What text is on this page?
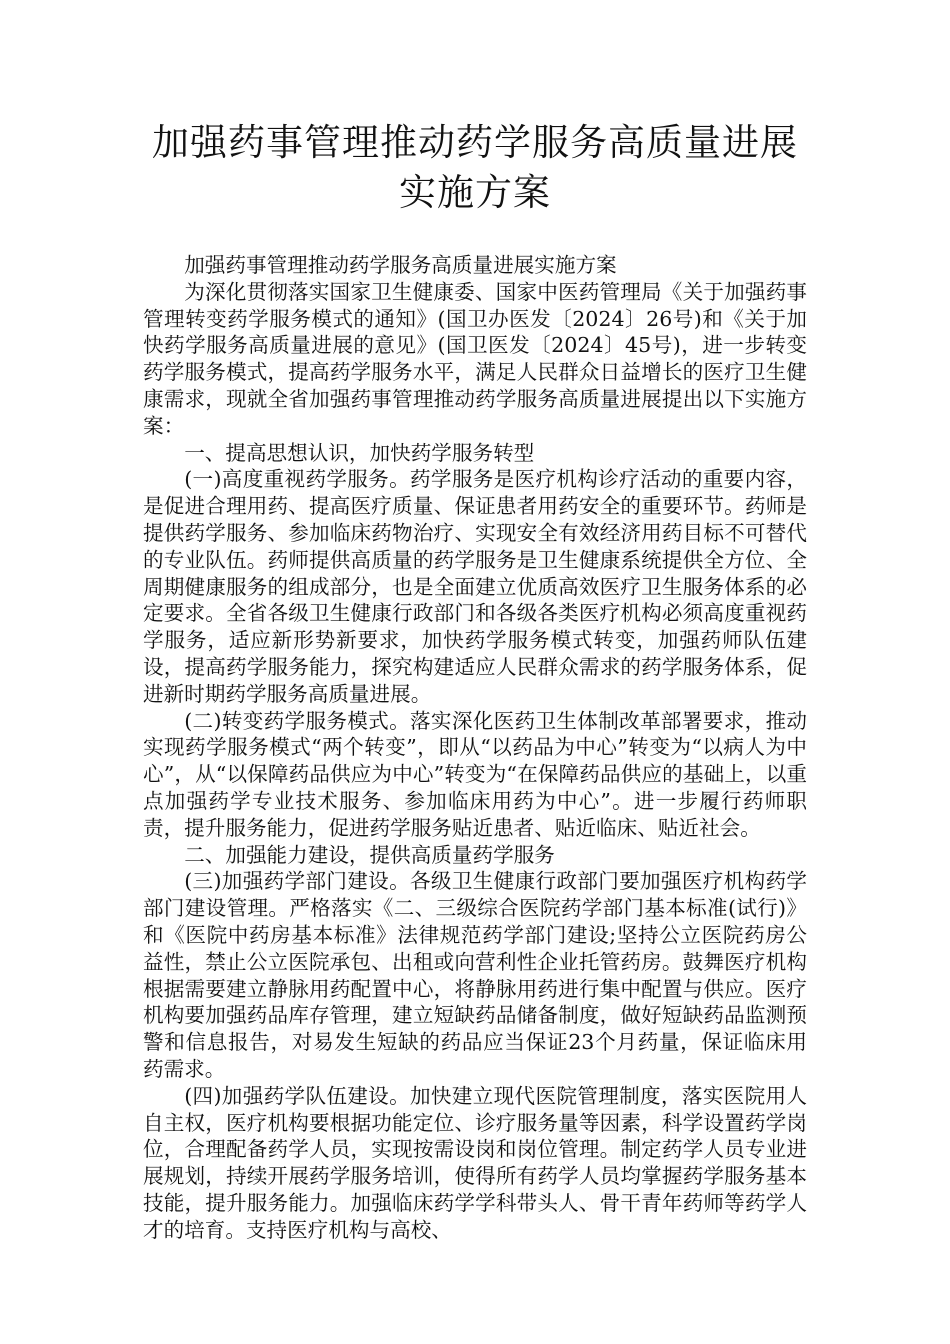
加强药事管理推动药学服务高质量进展实施方案

加强药事管理推动药学服务高质量进展实施方案

为深化贯彻落实国家卫生健康委、国家中医药管理局《关于加强药事管理转变药学服务模式的通知》(国卫办医发〔2024〕26号)和《关于加快药学服务高质量进展的意见》(国卫医发〔2024〕45号)，进一步转变药学服务模式，提高药学服务水平，满足人民群众日益增长的医疗卫生健康需求，现就全省加强药事管理推动药学服务高质量进展提出以下实施方案：

一、提高思想认识，加快药学服务转型

(一)高度重视药学服务。药学服务是医疗机构诊疗活动的重要内容，是促进合理用药、提高医疗质量、保证患者用药安全的重要环节。药师是提供药学服务、参加临床药物治疗、实现安全有效经济用药目标不可替代的专业队伍。药师提供高质量的药学服务是卫生健康系统提供全方位、全周期健康服务的组成部分，也是全面建立优质高效医疗卫生服务体系的必定要求。全省各级卫生健康行政部门和各级各类医疗机构必须高度重视药学服务，适应新形势新要求，加快药学服务模式转变，加强药师队伍建设，提高药学服务能力，探究构建适应人民群众需求的药学服务体系，促进新时期药学服务高质量进展。

(二)转变药学服务模式。落实深化医药卫生体制改革部署要求，推动实现药学服务模式“两个转变”，即从“以药品为中心”转变为“以病人为中心”，从“以保障药品供应为中心”转变为“在保障药品供应的基础上，以重点加强药学专业技术服务、参加临床用药为中心”。进一步履行药师职责，提升服务能力，促进药学服务贴近患者、贴近临床、贴近社会。

二、加强能力建设，提供高质量药学服务

(三)加强药学部门建设。各级卫生健康行政部门要加强医疗机构药学部门建设管理。严格落实《二、三级综合医院药学部门基本标准(试行)》和《医院中药房基本标准》法律规范药学部门建设;坚持公立医院药房公益性，禁止公立医院承包、出租或向营利性企业托管药房。鼓舞医疗机构根据需要建立静脉用药配置中心，将静脉用药进行集中配置与供应。医疗机构要加强药品库存管理，建立短缺药品储备制度，做好短缺药品监测预警和信息报告，对易发生短缺的药品应当保证23个月药量，保证临床用药需求。

(四)加强药学队伍建设。加快建立现代医院管理制度，落实医院用人自主权，医疗机构要根据功能定位、诊疗服务量等因素，科学设置药学岗位，合理配备药学人员，实现按需设岗和岗位管理。制定药学人员专业进展规划，持续开展药学服务培训，使得所有药学人员均掌握药学服务基本技能，提升服务能力。加强临床药学学科带头人、骨干青年药师等药学人才的培育。支持医疗机构与高校、
